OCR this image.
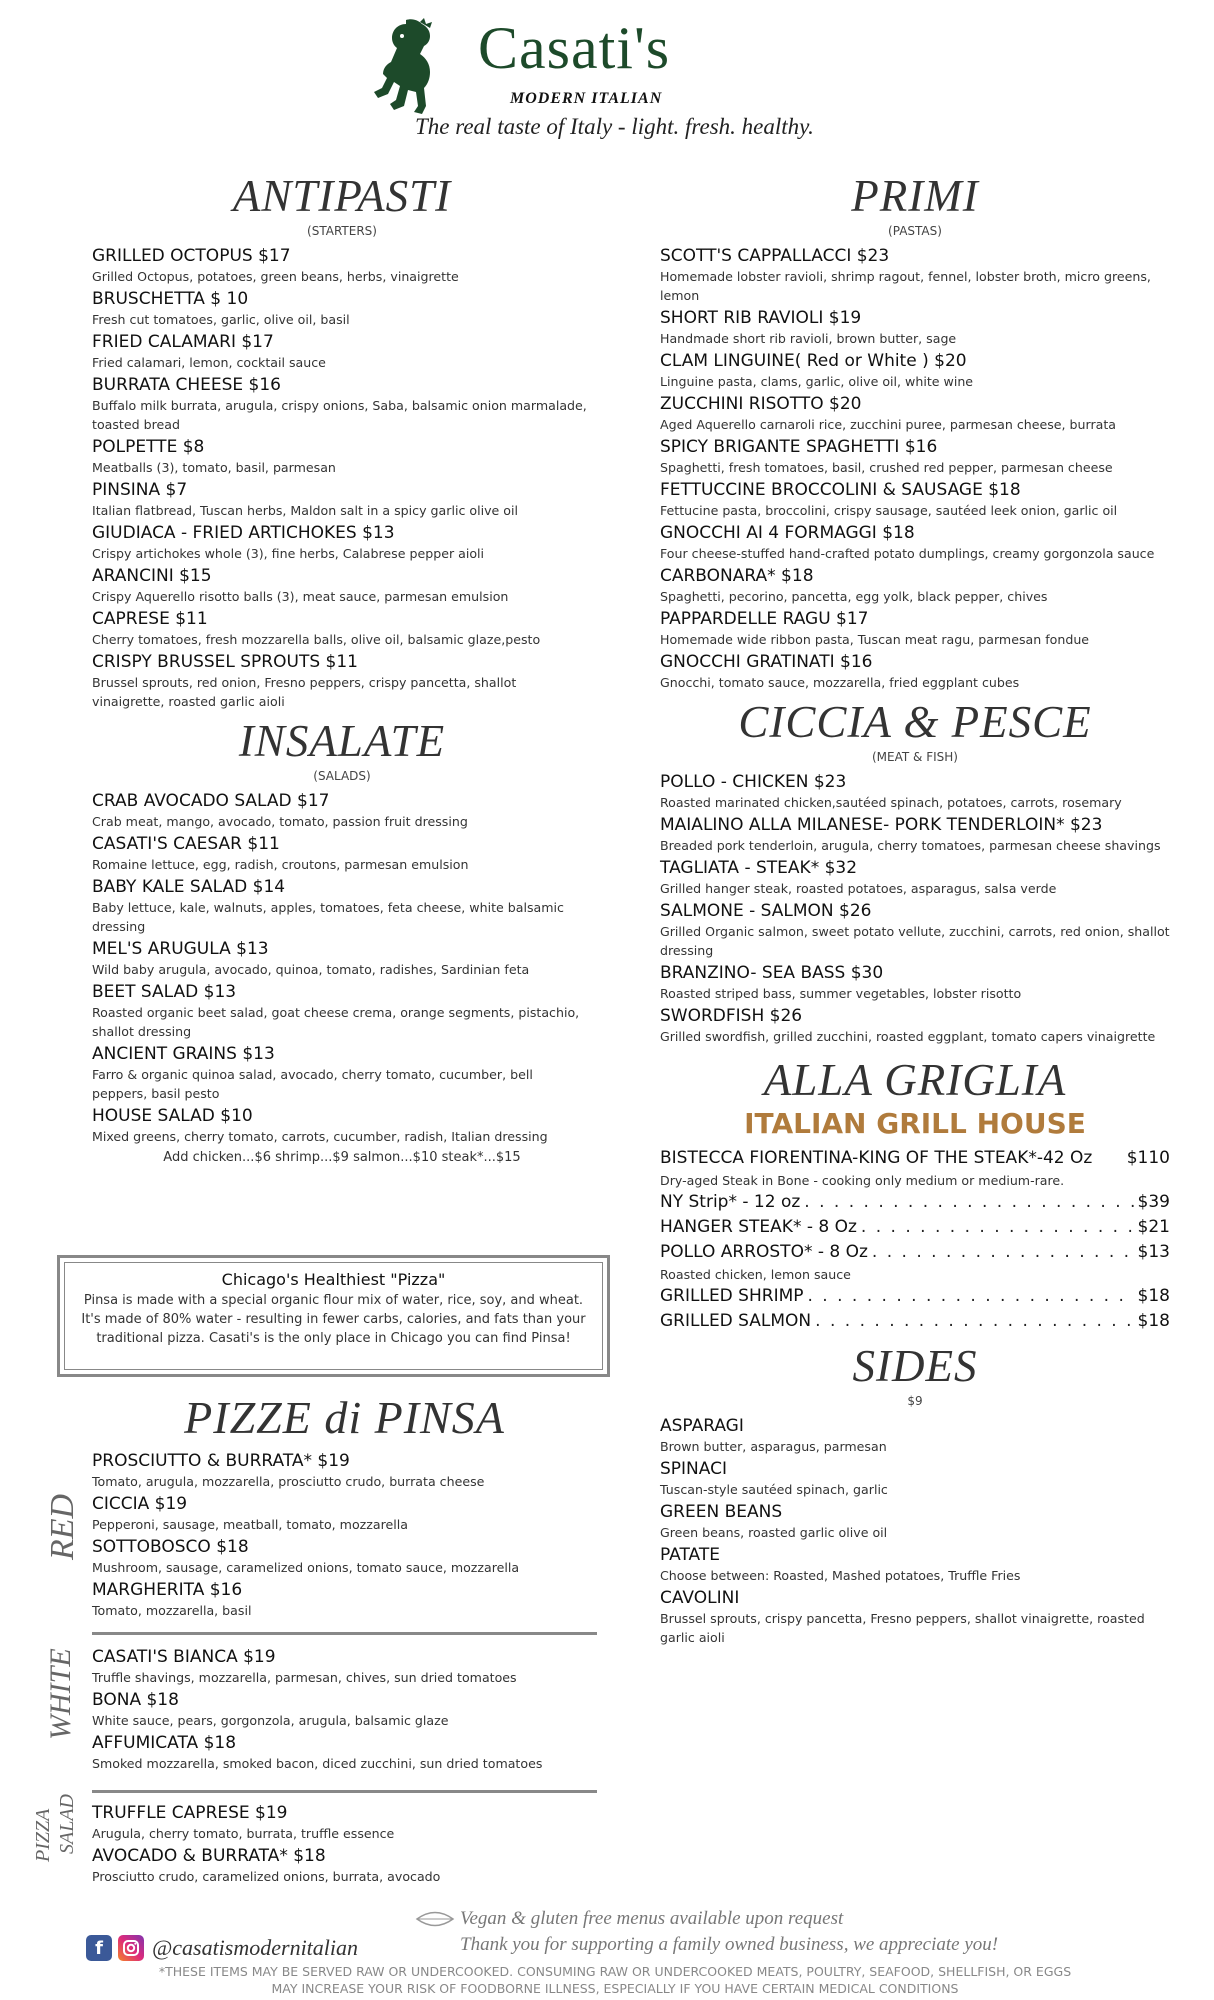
Casati's
MODERN ITALIAN
The real taste of Italy - light. fresh. healthy.
ANTIPASTI
(STARTERS)
GRILLED OCTOPUS $17
Grilled Octopus, potatoes, green beans, herbs, vinaigrette
BRUSCHETTA $ 10
Fresh cut tomatoes, garlic, olive oil, basil
FRIED CALAMARI $17
Fried calamari, lemon, cocktail sauce
BURRATA CHEESE $16
Buffalo milk burrata, arugula, crispy onions, Saba, balsamic onion marmalade, toasted bread
POLPETTE $8
Meatballs (3), tomato, basil, parmesan
PINSINA $7
Italian flatbread, Tuscan herbs, Maldon salt in a spicy garlic olive oil
GIUDIACA - FRIED ARTICHOKES $13
Crispy artichokes whole (3), fine herbs, Calabrese pepper aioli
ARANCINI $15
Crispy Aquerello risotto balls (3), meat sauce, parmesan emulsion
CAPRESE $11
Cherry tomatoes, fresh mozzarella balls, olive oil, balsamic glaze,pesto
CRISPY BRUSSEL SPROUTS $11
Brussel sprouts, red onion, Fresno peppers, crispy pancetta, shallot vinaigrette, roasted garlic aioli
INSALATE
(SALADS)
CRAB AVOCADO SALAD $17
Crab meat, mango, avocado, tomato, passion fruit dressing
CASATI'S CAESAR $11
Romaine lettuce, egg, radish, croutons, parmesan emulsion
BABY KALE SALAD $14
Baby lettuce, kale, walnuts, apples, tomatoes, feta cheese, white balsamic dressing
MEL'S ARUGULA $13
Wild baby arugula, avocado, quinoa, tomato, radishes, Sardinian feta
BEET SALAD $13
Roasted organic beet salad, goat cheese crema, orange segments, pistachio, shallot dressing
ANCIENT GRAINS $13
Farro & organic quinoa salad, avocado, cherry tomato, cucumber, bell peppers, basil pesto
HOUSE SALAD $10
Mixed greens, cherry tomato, carrots, cucumber, radish, Italian dressing
Add chicken...$6 shrimp...$9 salmon...$10 steak*...$15
Chicago's Healthiest "Pizza"
Pinsa is made with a special organic flour mix of water, rice, soy, and wheat. It's made of 80% water - resulting in fewer carbs, calories, and fats than your traditional pizza. Casati's is the only place in Chicago you can find Pinsa!
PIZZE di PINSA
PROSCIUTTO & BURRATA* $19
Tomato, arugula, mozzarella, prosciutto crudo, burrata cheese
CICCIA $19
Pepperoni, sausage, meatball, tomato, mozzarella
SOTTOBOSCO $18
Mushroom, sausage, caramelized onions, tomato sauce, mozzarella
MARGHERITA $16
Tomato, mozzarella, basil
CASATI'S BIANCA $19
Truffle shavings, mozzarella, parmesan, chives, sun dried tomatoes
BONA $18
White sauce, pears, gorgonzola, arugula, balsamic glaze
AFFUMICATA $18
Smoked mozzarella, smoked bacon, diced zucchini, sun dried tomatoes
TRUFFLE CAPRESE $19
Arugula, cherry tomato, burrata, truffle essence
AVOCADO & BURRATA* $18
Prosciutto crudo, caramelized onions, burrata, avocado
RED
WHITE
PIZZA SALAD
PRIMI
(PASTAS)
SCOTT'S CAPPALLACCI $23
Homemade lobster ravioli, shrimp ragout, fennel, lobster broth, micro greens, lemon
SHORT RIB RAVIOLI $19
Handmade short rib ravioli, brown butter, sage
CLAM LINGUINE( Red or White ) $20
Linguine pasta, clams, garlic, olive oil, white wine
ZUCCHINI RISOTTO $20
Aged Aquerello carnaroli rice, zucchini puree, parmesan cheese, burrata
SPICY BRIGANTE SPAGHETTI $16
Spaghetti, fresh tomatoes, basil, crushed red pepper, parmesan cheese
FETTUCCINE BROCCOLINI & SAUSAGE $18
Fettucine pasta, broccolini, crispy sausage, sautéed leek onion, garlic oil
GNOCCHI AI 4 FORMAGGI $18
Four cheese-stuffed hand-crafted potato dumplings, creamy gorgonzola sauce
CARBONARA* $18
Spaghetti, pecorino, pancetta, egg yolk, black pepper, chives
PAPPARDELLE RAGU $17
Homemade wide ribbon pasta, Tuscan meat ragu, parmesan fondue
GNOCCHI GRATINATI $16
Gnocchi, tomato sauce, mozzarella, fried eggplant cubes
CICCIA & PESCE
(MEAT & FISH)
POLLO - CHICKEN $23
Roasted marinated chicken,sautéed spinach, potatoes, carrots, rosemary
MAIALINO ALLA MILANESE- PORK TENDERLOIN* $23
Breaded pork tenderloin, arugula, cherry tomatoes, parmesan cheese shavings
TAGLIATA - STEAK* $32
Grilled hanger steak, roasted potatoes, asparagus, salsa verde
SALMONE - SALMON $26
Grilled Organic salmon, sweet potato vellute, zucchini, carrots, red onion, shallot dressing
BRANZINO- SEA BASS $30
Roasted striped bass, summer vegetables, lobster risotto
SWORDFISH $26
Grilled swordfish, grilled zucchini, roasted eggplant, tomato capers vinaigrette
ALLA GRIGLIA
ITALIAN GRILL HOUSE
BISTECCA FIORENTINA-KING OF THE STEAK*-42 Oz $110
Dry-aged Steak in Bone - cooking only medium or medium-rare.
NY Strip* - 12 oz . . .	$39
HANGER STEAK* - 8 Oz . . .	$21
POLLO ARROSTO* - 8 Oz . . .	$13
Roasted chicken, lemon sauce
GRILLED SHRIMP . . .	$18
GRILLED SALMON . . .	$18
SIDES
$9
ASPARAGI
Brown butter, asparagus, parmesan
SPINACI
Tuscan-style sautéed spinach, garlic
GREEN BEANS
Green beans, roasted garlic olive oil
PATATE
Choose between: Roasted, Mashed potatoes, Truffle Fries
CAVOLINI
Brussel sprouts, crispy pancetta, Fresno peppers, shallot vinaigrette, roasted garlic aioli
Vegan & gluten free menus available upon request
Thank you for supporting a family owned business, we appreciate you!
f	@casatismodernitalian
*THESE ITEMS MAY BE SERVED RAW OR UNDERCOOKED. CONSUMING RAW OR UNDERCOOKED MEATS, POULTRY, SEAFOOD, SHELLFISH, OR EGGS MAY INCREASE YOUR RISK OF FOODBORNE ILLNESS, ESPECIALLY IF YOU HAVE CERTAIN MEDICAL CONDITIONS
